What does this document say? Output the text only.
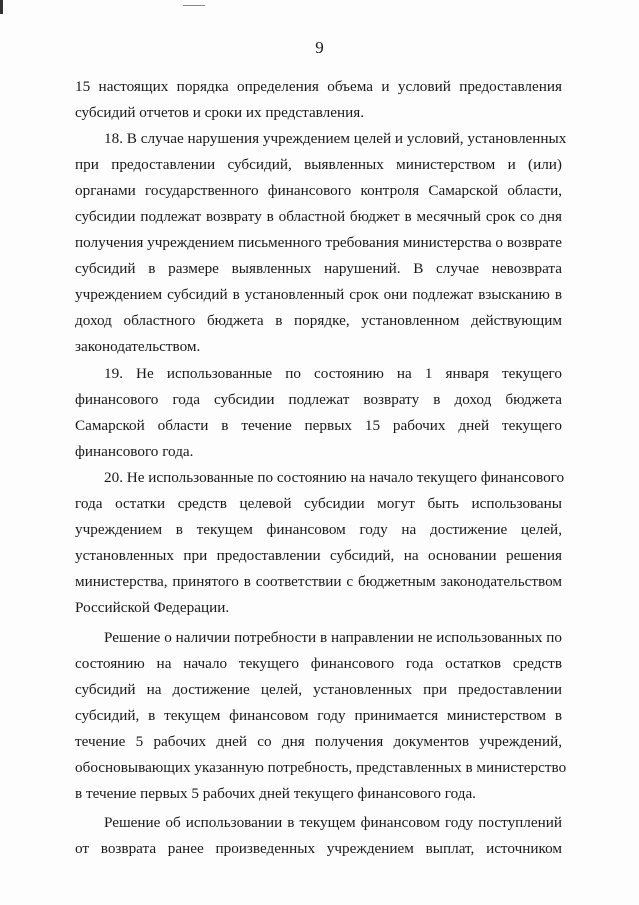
9
15 настоящих порядка определения объема и условий предоставления
субсидий отчетов и сроки их представления.
18. В случае нарушения учреждением целей и условий, установленных
при предоставлении субсидий, выявленных министерством и (или)
органами государственного финансового контроля Самарской области,
субсидии подлежат возврату в областной бюджет в месячный срок со дня
получения учреждением письменного требования министерства о возврате
субсидий в размере выявленных нарушений. В случае невозврата
учреждением субсидий в установленный срок они подлежат взысканию в
доход областного бюджета в порядке, установленном действующим
законодательством.
19. Не использованные по состоянию на 1 января текущего
финансового года субсидии подлежат возврату в доход бюджета
Самарской области в течение первых 15 рабочих дней текущего
финансового года.
20. Не использованные по состоянию на начало текущего финансового
года остатки средств целевой субсидии могут быть использованы
учреждением в текущем финансовом году на достижение целей,
установленных при предоставлении субсидий, на основании решения
министерства, принятого в соответствии с бюджетным законодательством
Российской Федерации.
Решение о наличии потребности в направлении не использованных по
состоянию на начало текущего финансового года остатков средств
субсидий на достижение целей, установленных при предоставлении
субсидий, в текущем финансовом году принимается министерством в
течение 5 рабочих дней со дня получения документов учреждений,
обосновывающих указанную потребность, представленных в министерство
в течение первых 5 рабочих дней текущего финансового года.
Решение об использовании в текущем финансовом году поступлений
от возврата ранее произведенных учреждением выплат, источником
